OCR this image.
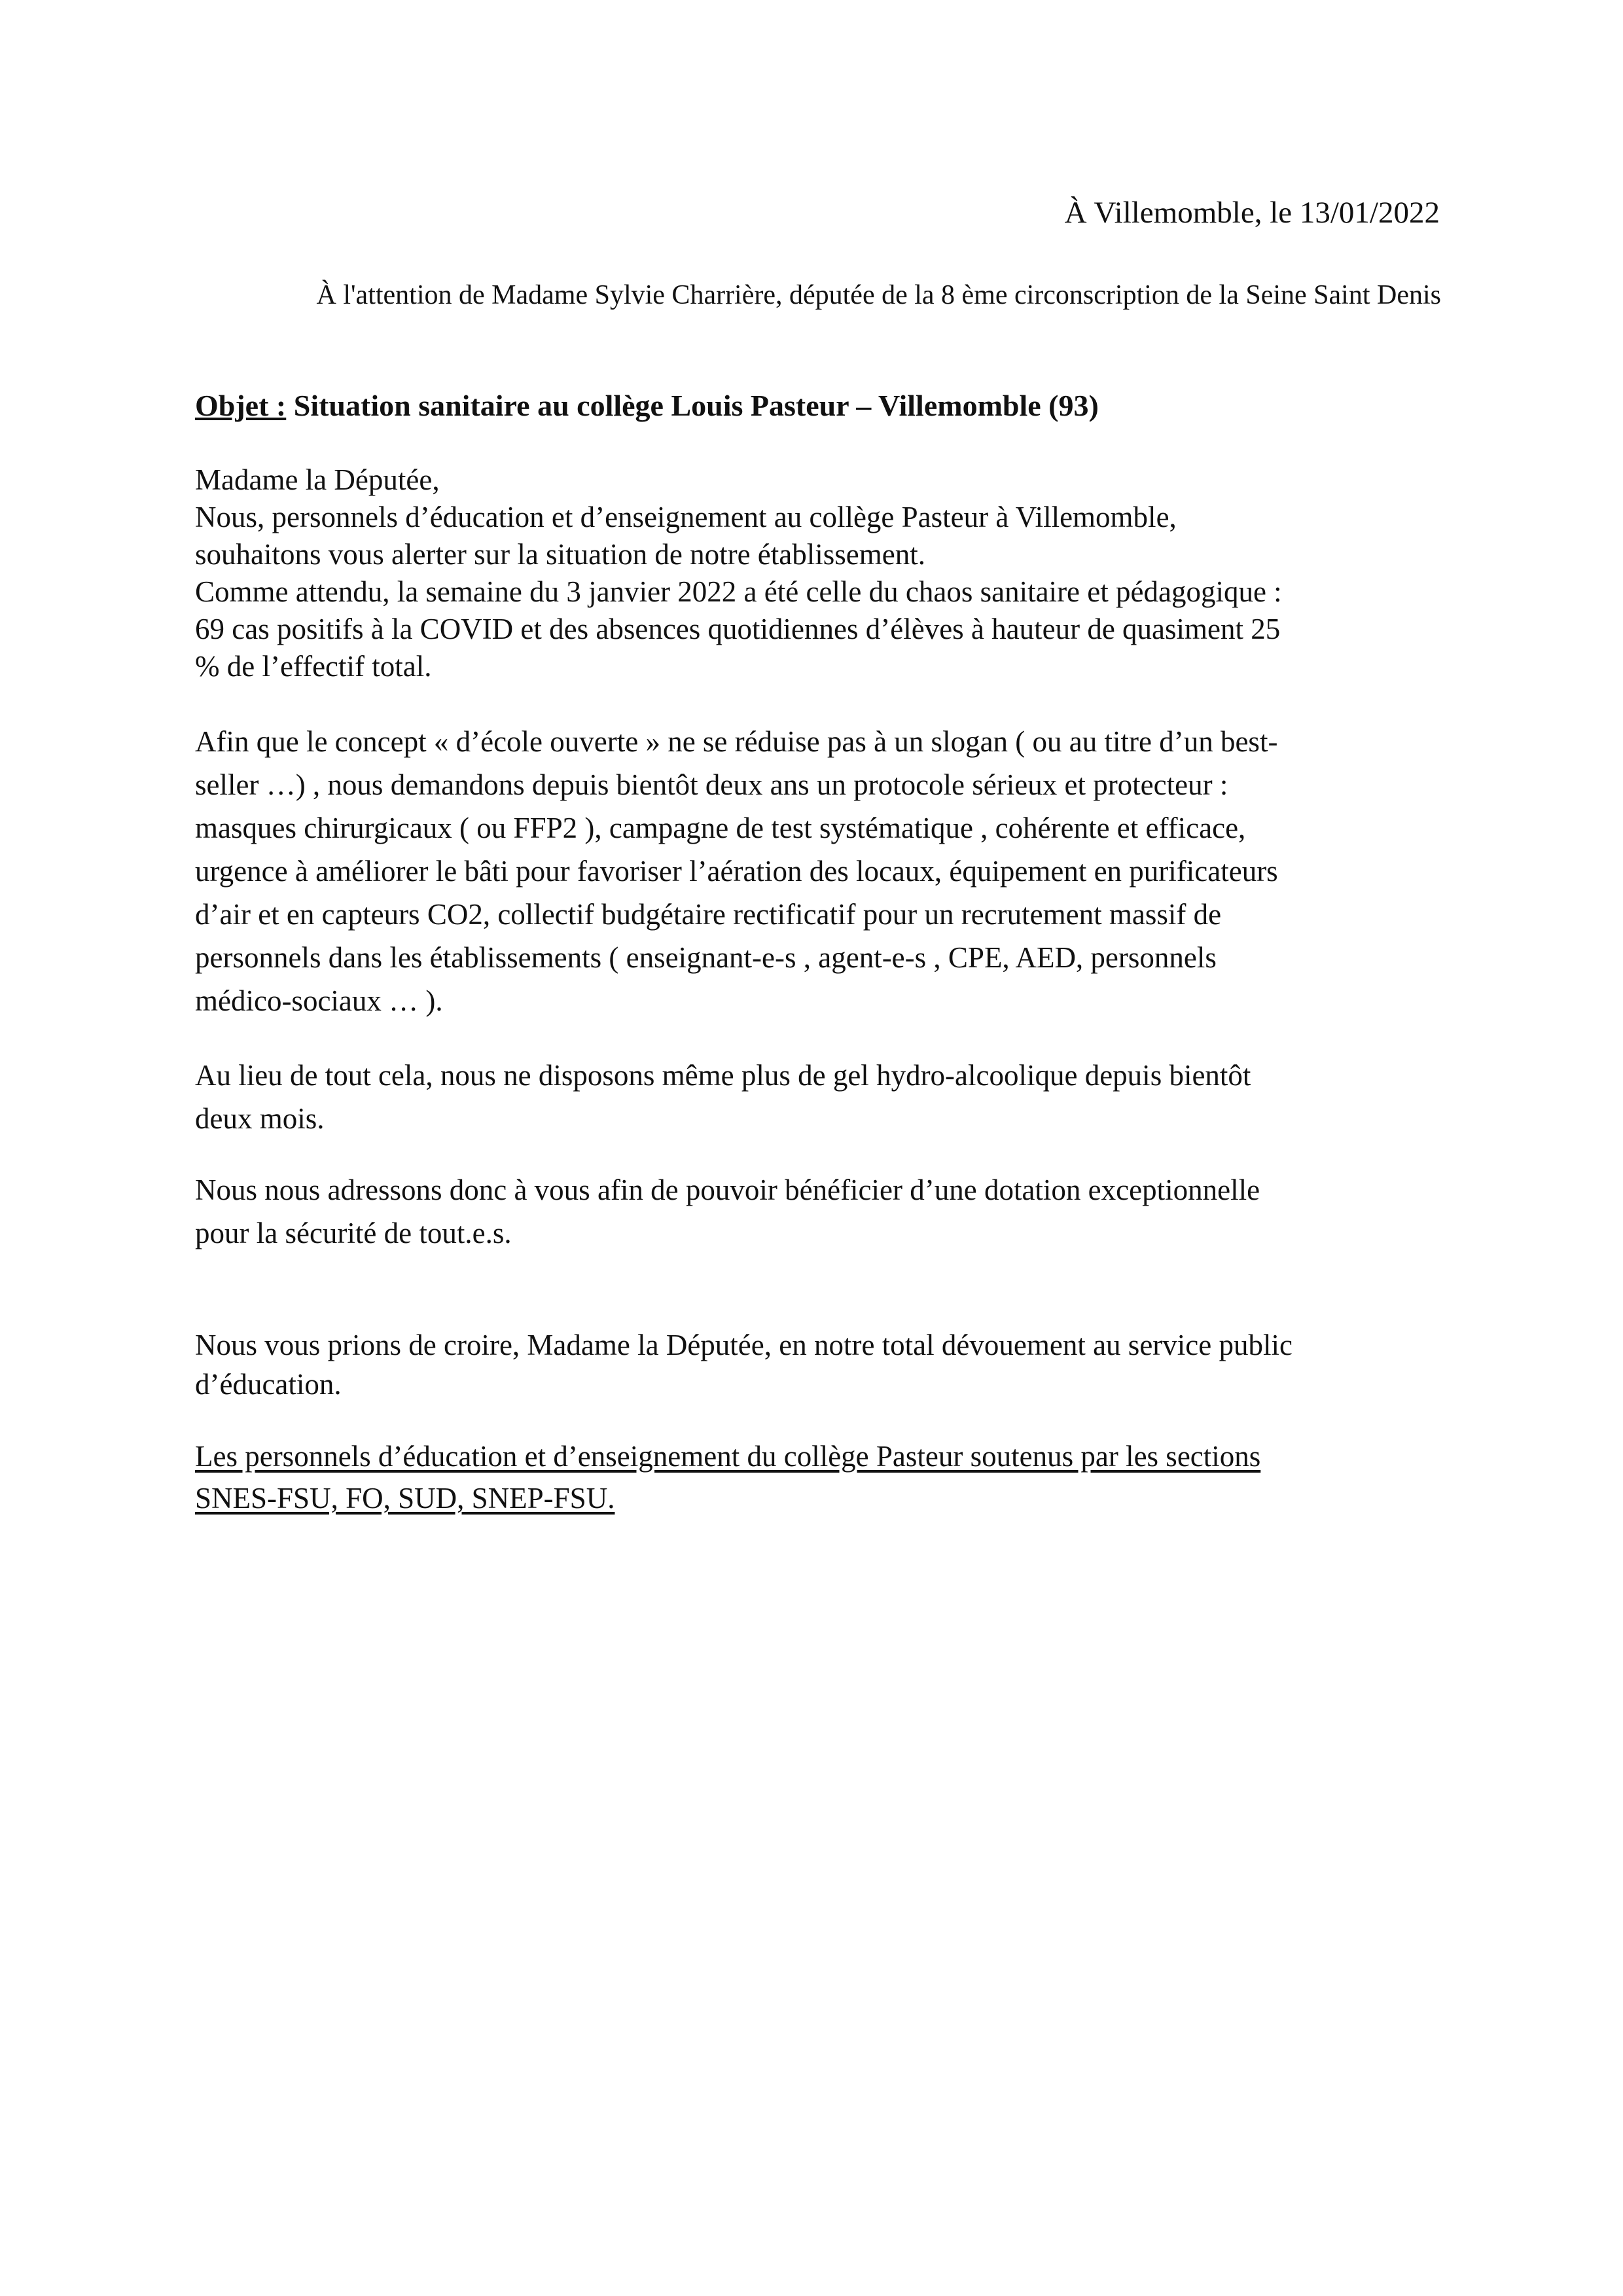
À Villemomble, le 13/01/2022
À l'attention de Madame Sylvie Charrière, députée de la 8 ème circonscription de la Seine Saint Denis
Objet : Situation sanitaire au collège Louis Pasteur – Villemomble (93)
Madame la Députée,
Nous, personnels d’éducation et d’enseignement au collège Pasteur à Villemomble,
souhaitons vous alerter sur la situation de notre établissement.
Comme attendu, la semaine du 3 janvier 2022 a été celle du chaos sanitaire et pédagogique :
69 cas positifs à la COVID et des absences quotidiennes d’élèves à hauteur de quasiment 25
% de l’effectif total.
Afin que le concept « d’école ouverte » ne se réduise pas à un slogan ( ou au titre d’un best-
seller …) , nous demandons depuis bientôt deux ans un protocole sérieux et protecteur :
masques chirurgicaux ( ou FFP2 ), campagne de test systématique , cohérente et efficace,
urgence à améliorer le bâti pour favoriser l’aération des locaux, équipement en purificateurs
d’air et en capteurs CO2, collectif budgétaire rectificatif pour un recrutement massif de
personnels dans les établissements ( enseignant-e-s , agent-e-s , CPE, AED, personnels
médico-sociaux … ).
Au lieu de tout cela, nous ne disposons même plus de gel hydro-alcoolique depuis bientôt
deux mois.
Nous nous adressons donc à vous afin de pouvoir bénéficier d’une dotation exceptionnelle
pour la sécurité de tout.e.s.
Nous vous prions de croire, Madame la Députée, en notre total dévouement au service public
d’éducation.
Les personnels d’éducation et d’enseignement du collège Pasteur soutenus par les sections
SNES-FSU, FO, SUD, SNEP-FSU.
